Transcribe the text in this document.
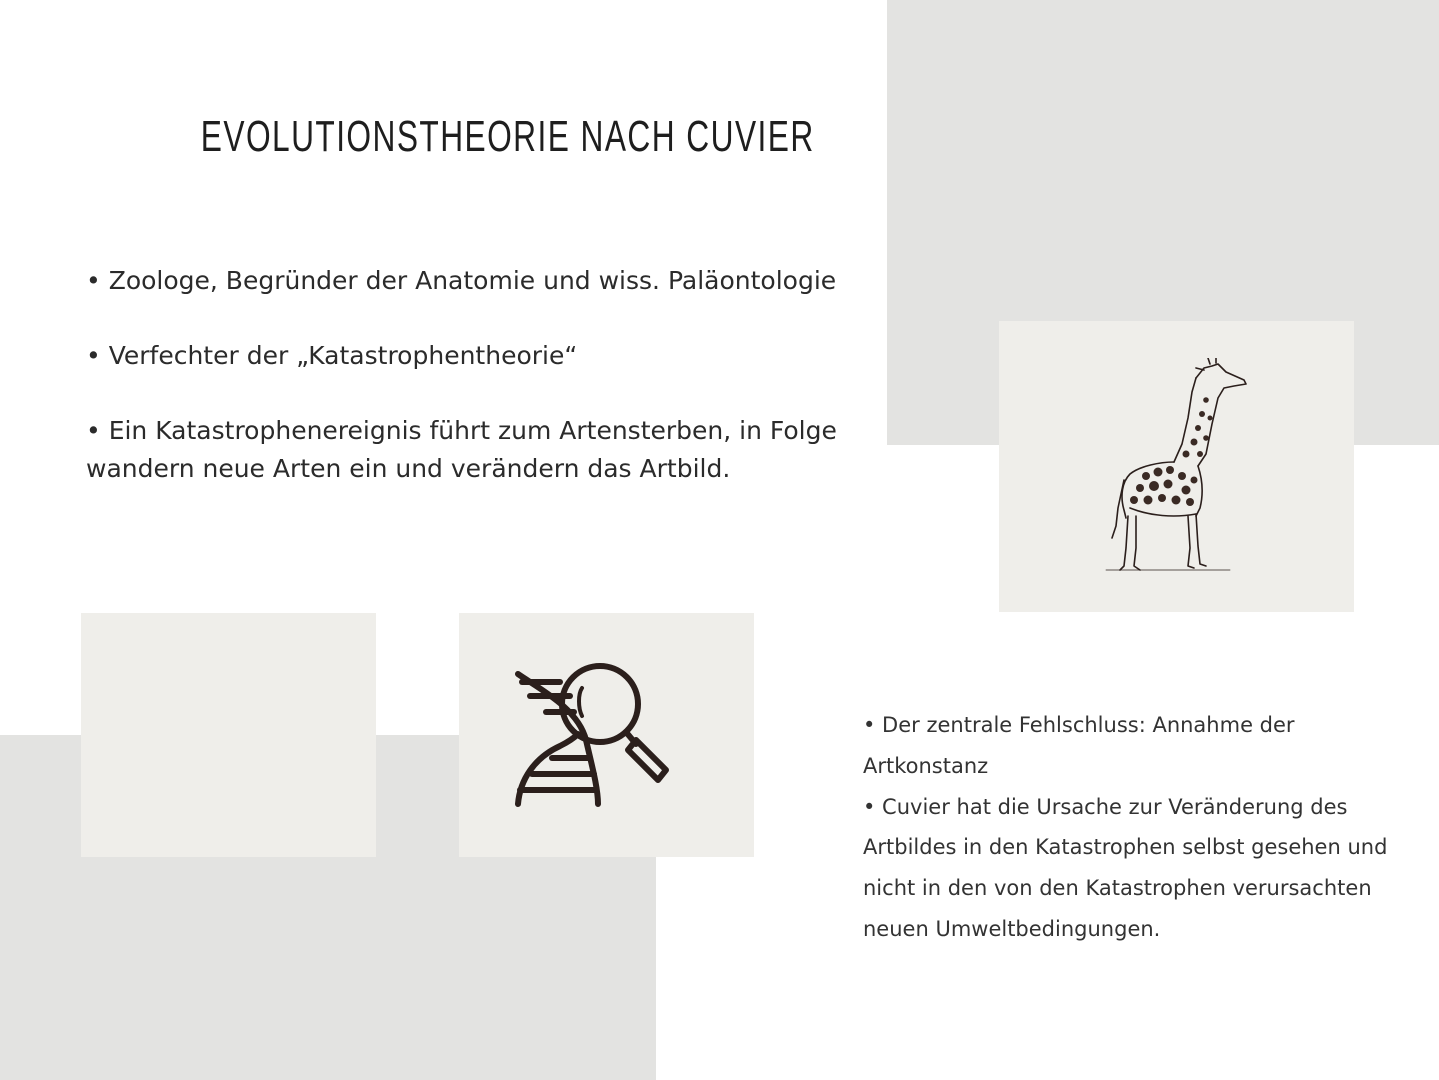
EVOLUTIONSTHEORIE NACH CUVIER
• Zoologe, Begründer der Anatomie und wiss. Paläontologie
• Verfechter der „Katastrophentheorie“
• Ein Katastrophenereignis führt zum Artensterben, in Folge wandern neue Arten ein und verändern das Artbild.
• Der zentrale Fehlschluss: Annahme der Artkonstanz
• Cuvier hat die Ursache zur Veränderung des Artbildes in den Katastrophen selbst gesehen und nicht in den von den Katastrophen verursachten neuen Umweltbedingungen.
